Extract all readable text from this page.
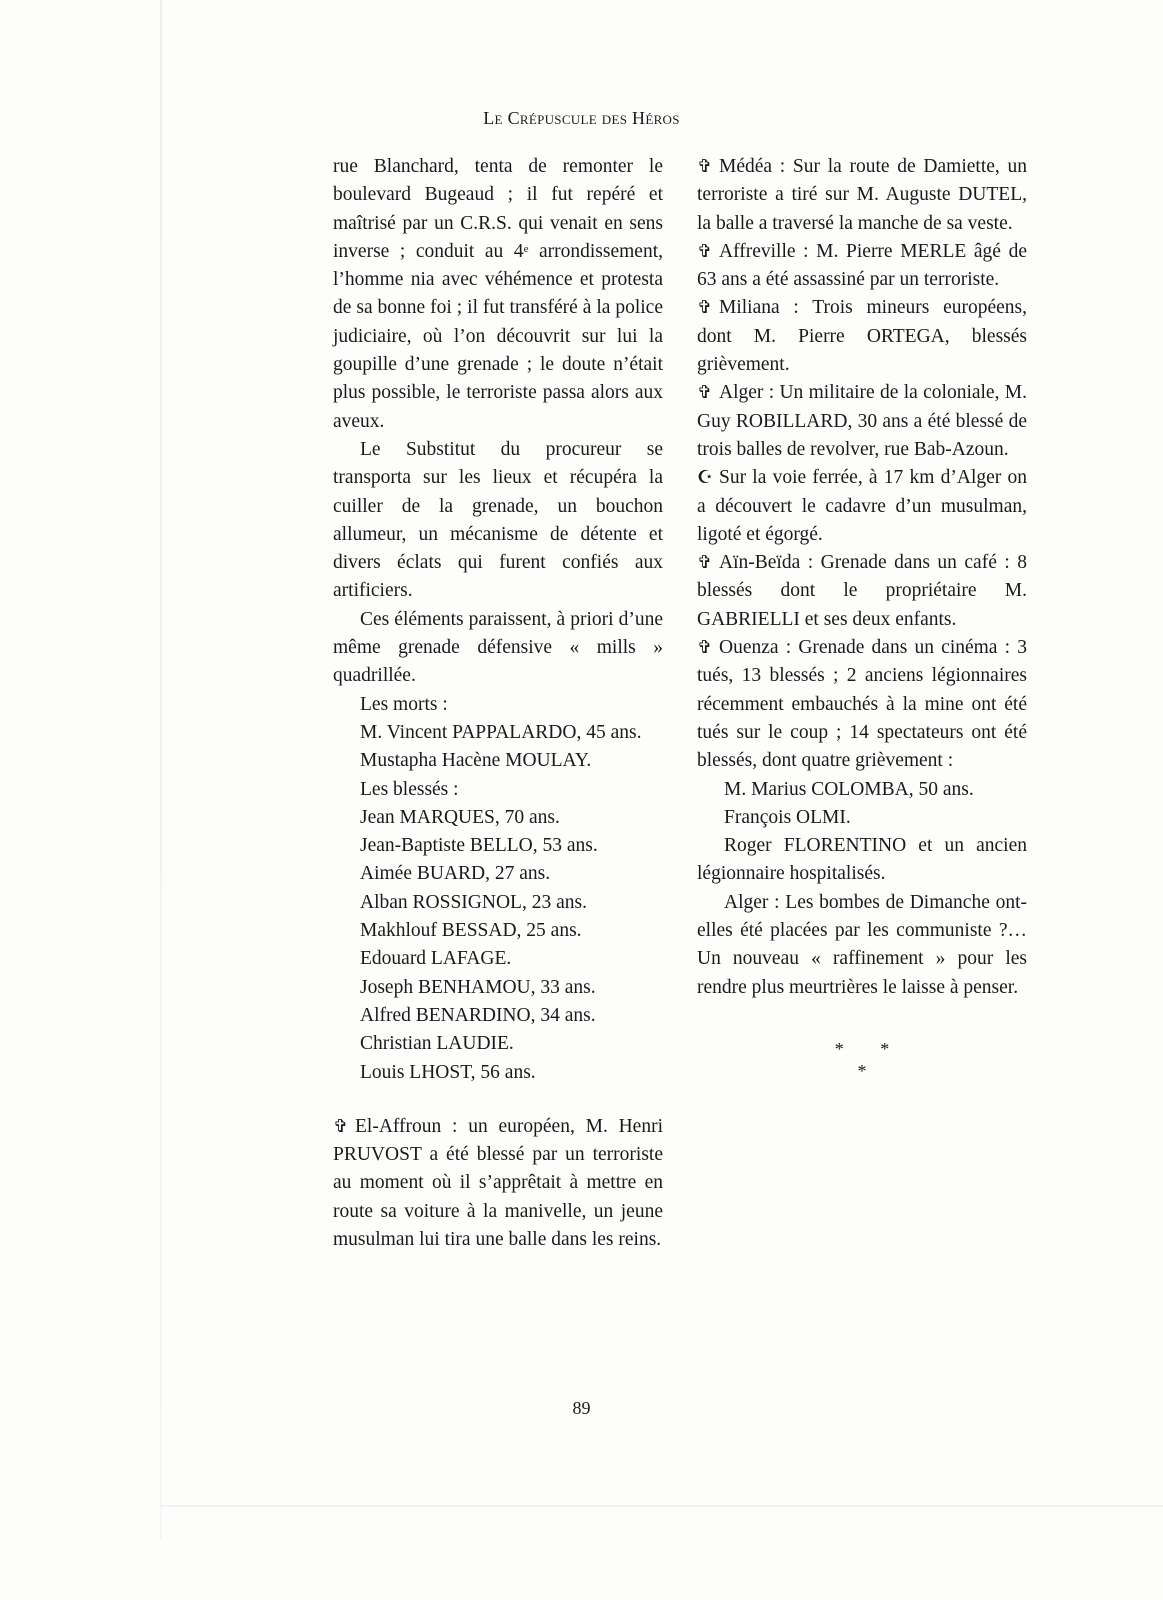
Le Crépuscule des Héros

rue Blanchard, tenta de remonter le boulevard Bugeaud ; il fut repéré et maîtrisé par un C.R.S. qui venait en sens inverse ; conduit au 4e arrondissement, l’homme nia avec véhémence et protesta de sa bonne foi ; il fut transféré à la police judiciaire, où l’on découvrit sur lui la goupille d’une grenade ; le doute n’était plus possible, le terroriste passa alors aux aveux.

Le Substitut du procureur se transporta sur les lieux et récupéra la cuiller de la grenade, un bouchon allumeur, un mécanisme de détente et divers éclats qui furent confiés aux artificiers.

Ces éléments paraissent, à priori d’une même grenade défensive « mills » quadrillée.

Les morts :

M. Vincent PAPPALARDO, 45 ans.

Mustapha Hacène MOULAY.
Les blessés :
Jean MARQUES, 70 ans.
Jean-Baptiste BELLO, 53 ans.
Aimée BUARD, 27 ans.
Alban ROSSIGNOL, 23 ans.
Makhlouf BESSAD, 25 ans.
Edouard LAFAGE.
Joseph BENHAMOU, 33 ans.
Alfred BENARDINO, 34 ans.
Christian LAUDIE.
Louis LHOST, 56 ans.

✞ El-Affroun : un européen, M. Henri PRUVOST a été blessé par un terroriste au moment où il s’apprêtait à mettre en route sa voiture à la manivelle, un jeune musulman lui tira une balle dans les reins.

✞ Médéa : Sur la route de Damiette, un terroriste a tiré sur M. Auguste DUTEL, la balle a traversé la manche de sa veste.

✞ Affreville : M. Pierre MERLE âgé de 63 ans a été assassiné par un terroriste.

✞ Miliana : Trois mineurs européens, dont M. Pierre ORTEGA, blessés grièvement.

✞ Alger : Un militaire de la coloniale, M. Guy ROBILLARD, 30 ans a été blessé de trois balles de revolver, rue Bab-Azoun.

☪ Sur la voie ferrée, à 17 km d’Alger on a découvert le cadavre d’un musulman, ligoté et égorgé.

✞ Aïn-Beïda : Grenade dans un café : 8 blessés dont le propriétaire M. GABRIELLI et ses deux enfants.

✞ Ouenza : Grenade dans un cinéma : 3 tués, 13 blessés ; 2 anciens légionnaires récemment embauchés à la mine ont été tués sur le coup ; 14 spectateurs ont été blessés, dont quatre grièvement :

M. Marius COLOMBA, 50 ans.
François OLMI.

Roger FLORENTINO et un ancien légionnaire hospitalisés.

Alger : Les bombes de Dimanche ont-elles été placées par les communiste ?… Un nouveau « raffinement » pour les rendre plus meurtrières le laisse à penser.

* *
*
89
